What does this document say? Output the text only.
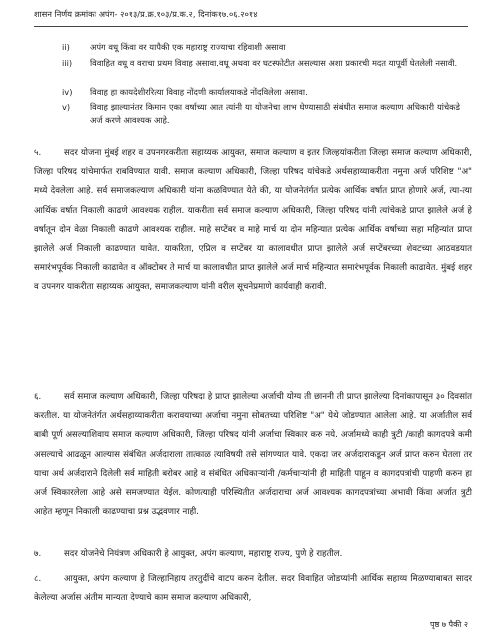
शासन निर्णय क्रमांकः अपंग- २०१३/प्र.क्र.१०३/प्र.क.२, दिनांक१७.०६.२०१४
ii)	अपंग वधू किंवा वर यापैकी एक महाराष्ट्र राज्याचा रहिवाशी असावा
iii)	विवाहित वधू व वराचा प्रथम विवाह असावा.वधू अथवा वर घटस्फोटीत असल्यास अशा प्रकारची मदत यापूर्वी घेतलेली नसावी.
iv)	विवाह हा कायदेशीररित्या विवाह नोंदणी कार्यालयाकडे नोंदविलेला असावा.
v)	विवाह झाल्यानंतर किमान एका वर्षाच्या आत त्यांनी या योजनेचा लाभ घेण्यासाठी संबंधीत समाज कल्याण अधिकारी यांचेकडे अर्ज करणे आवश्यक आहे.
५.	सदर योजना मुंबई शहर व उपनगरकरीता सहाय्यक आयुक्त, समाज कल्याण व इतर जिल्हयांकरीता जिल्हा समाज कल्याण अधिकारी, जिल्हा परिषद यांचेमार्फत राबविण्यात यावी. समाज कल्याण अधिकारी, जिल्हा परिषद यांचेकडे अर्थसहाय्याकरीता नमुना अर्ज परिशिष्ट "अ" मध्ये देवलेला आहे. सर्व समाजकल्याण अधिकारी यांना कळविण्यात येते की, या योजनेतंर्गत प्रत्येक आर्थिक वर्षात प्राप्त होणारे अर्ज, त्या-त्या आर्थिक वर्षात निकाली काढणे आवश्यक राहील. याकरीता सर्व समाज कल्याण अधिकारी, जिल्हा परिषद यांनी त्यांचेकडे प्राप्त झालेले अर्ज हे वर्षातून दोन वेळा निकाली काढणे आवश्यक राहील. माहे सप्टेंबर व माहे मार्च या दोन महिन्यात प्रत्येक आर्थिक वर्षाच्या सहा महिन्यांत प्राप्त झालेले अर्ज निकाली काढण्यात यावेत. याकरिता, एप्रिल व सप्टेंबर या कालावधीत प्राप्त झालेले अर्ज सप्टेंबरच्या शेवटच्या आठवडयात समारंभपूर्वक निकाली काढावेत व ऑक्टोबर ते मार्च या कालावधीत प्राप्त झालेले अर्ज मार्च महिन्यात समारंभपूर्वक निकाली काढावेत. मुंबई शहर व उपनगर याकरीता सहाय्यक आयुक्त, समाजकल्याण यांनी वरील सूचनेप्रमाणे कार्यवाही करावी.
६.	सर्व समाज कल्याण अधिकारी, जिल्हा परिषदा हे प्राप्त झालेल्या अर्जाची योग्य ती छाननी ती प्राप्त झालेल्या दिनांकापासून ३० दिवसांत करतील. या योजनेतंर्गत अर्थसहाय्याकरीता करावयाच्या अर्जाचा नमुना सोबतच्या परिशिष्ट "अ" येथे जोडण्यात आलेला आहे. या अर्जातील सर्व बाबी पूर्ण असल्याशिवाय समाज कल्याण अधिकारी, जिल्हा परिषद यांनी अर्जाचा स्विकार करु नये. अर्जामध्ये काही त्रुटी /काही कागदपत्रे कमी असल्याचे आढळून आल्यास संबंधित अर्जदाराला तात्काळ त्याविषयी तसे सांगण्यात यावे. एकदा जर अर्जदाराकडून अर्ज प्राप्त करुन घेतला तर याचा अर्थ अर्जदाराने दिलेली सर्व माहिती बरोबर आहे व संबंधित अधिकाऱ्यांनी /कर्मचाऱ्यांनी ही माहिती पाहून व कागदपत्रांची पाहणी करुन हा अर्ज स्विकारलेला आहे असे समजण्यात येईल. कोणत्याही परिस्थितीत अर्जदाराचा अर्ज आवश्यक कागदपत्रांच्या अभावी किंवा अर्जात त्रुटी आहेत म्हणून निकाली काढण्याचा प्रश्न उद्भवणार नाही.
७.	सदर योजनेचे नियंत्रण अधिकारी हे आयुक्त, अपंग कल्याण, महाराष्ट्र राज्य, पुणे हे राहतील.
८.	आयुक्त, अपंग कल्याण हे जिल्हानिहाय तरतुदींचे वाटप करुन देतील. सदर विवाहित जोडप्यांनी आर्थिक सहाय्य मिळण्याबाबत सादर केलेल्या अर्जास अंतीम मान्यता देण्याचे काम समाज कल्याण अधिकारी,
पृष्ठ ७ पैकी २
